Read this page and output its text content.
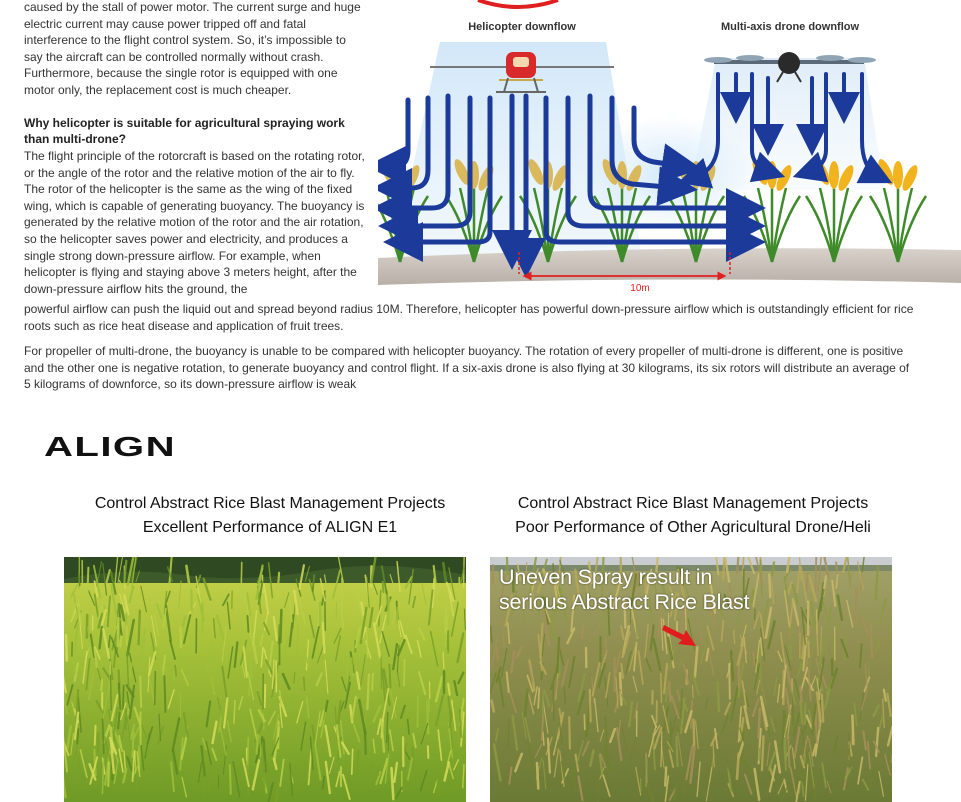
caused by the stall of power motor. The current surge and huge electric current may cause power tripped off and fatal interference to the flight control system. So, it’s impossible to say the aircraft can be controlled normally without crash. Furthermore, because the single rotor is equipped with one motor only, the replacement cost is much cheaper.

Why helicopter is suitable for agricultural spraying work than multi-drone?

The flight principle of the rotorcraft is based on the rotating rotor, or the angle of the rotor and the relative motion of the air to fly. The rotor of the helicopter is the same as the wing of the fixed wing, which is capable of generating buoyancy. The buoyancy is generated by the relative motion of the rotor and the air rotation, so the helicopter saves power and electricity, and produces a single strong down-pressure airflow. For example, when helicopter is flying and staying above 3 meters height, after the down-pressure airflow hits the ground, the

powerful airflow can push the liquid out and spread beyond radius 10M. Therefore, helicopter has powerful down-pressure airflow which is outstandingly efficient for rice roots such as rice heat disease and application of fruit trees.

For propeller of multi-drone, the buoyancy is unable to be compared with helicopter buoyancy. The rotation of every propeller of multi-drone is different, one is positive and the other one is negative rotation, to generate buoyancy and control flight. If a six-axis drone is also flying at 30 kilograms, its six rotors will distribute an average of 5 kilograms of downforce, so its down-pressure airflow is weak

Helicopter downflow	Multi-axis drone downflow
10m
ALIGN
Control Abstract Rice Blast Management Projects
Excellent Performance of ALIGN E1
Control Abstract Rice Blast Management Projects
Poor Performance of Other Agricultural Drone/Heli
Uneven Spray result in
serious Abstract Rice Blast
